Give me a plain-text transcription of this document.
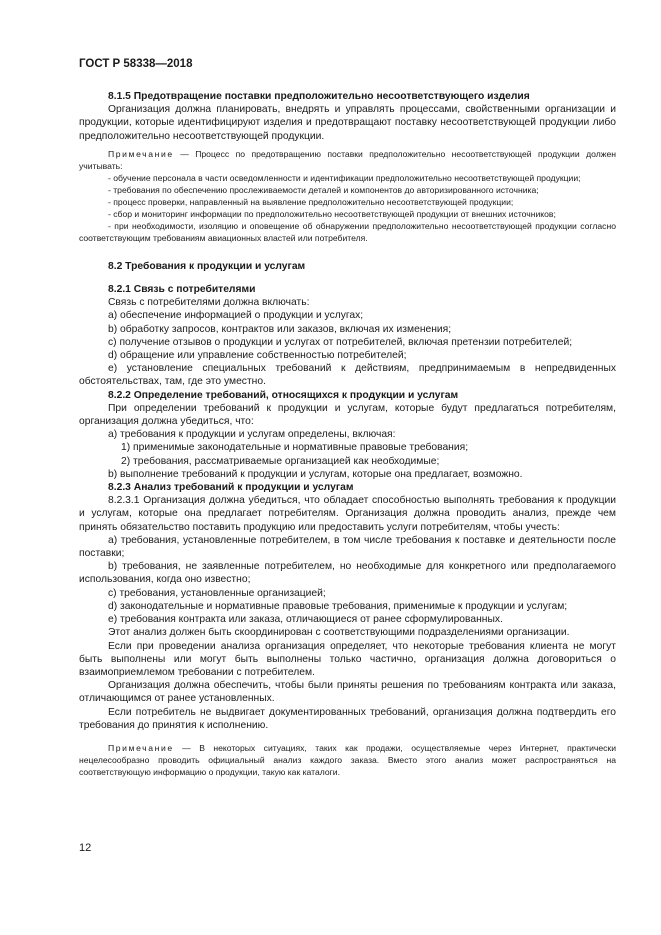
ГОСТ Р 58338—2018

8.1.5 Предотвращение поставки предположительно несоответствующего изделия

Организация должна планировать, внедрять и управлять процессами, свойственными организации и продукции, которые идентифицируют изделия и предотвращают поставку несоответствующей продукции либо предположительно несоответствующей продукции.

Примечание — Процесс по предотвращению поставки предположительно несоответствующей продукции должен учитывать:

- обучение персонала в части осведомленности и идентификации предположительно несоответствующей продукции;

- требования по обеспечению прослеживаемости деталей и компонентов до авторизированного источника;

- процесс проверки, направленный на выявление предположительно несоответствующей продукции;

- сбор и мониторинг информации по предположительно несоответствующей продукции от внешних источников;

- при необходимости, изоляцию и оповещение об обнаружении предположительно несоответствующей продукции согласно соответствующим требованиям авиационных властей или потребителя.

8.2 Требования к продукции и услугам

8.2.1 Связь с потребителями

Связь с потребителями должна включать:

a) обеспечение информацией о продукции и услугах;

b) обработку запросов, контрактов или заказов, включая их изменения;

c) получение отзывов о продукции и услугах от потребителей, включая претензии потребителей;

d) обращение или управление собственностью потребителей;

e) установление специальных требований к действиям, предпринимаемым в непредвиденных обстоятельствах, там, где это уместно.

8.2.2 Определение требований, относящихся к продукции и услугам

При определении требований к продукции и услугам, которые будут предлагаться потребителям, организация должна убедиться, что:

a) требования к продукции и услугам определены, включая:

1) применимые законодательные и нормативные правовые требования;

2) требования, рассматриваемые организацией как необходимые;

b) выполнение требований к продукции и услугам, которые она предлагает, возможно.

8.2.3 Анализ требований к продукции и услугам

8.2.3.1 Организация должна убедиться, что обладает способностью выполнять требования к продукции и услугам, которые она предлагает потребителям. Организация должна проводить анализ, прежде чем принять обязательство поставить продукцию или предоставить услуги потребителям, чтобы учесть:

a) требования, установленные потребителем, в том числе требования к поставке и деятельности после поставки;

b) требования, не заявленные потребителем, но необходимые для конкретного или предполагаемого использования, когда оно известно;

c) требования, установленные организацией;

d) законодательные и нормативные правовые требования, применимые к продукции и услугам;

e) требования контракта или заказа, отличающиеся от ранее сформулированных.

Этот анализ должен быть скоординирован с соответствующими подразделениями организации.

Если при проведении анализа организация определяет, что некоторые требования клиента не могут быть выполнены или могут быть выполнены только частично, организация должна договориться о взаимоприемлемом требовании с потребителем.

Организация должна обеспечить, чтобы были приняты решения по требованиям контракта или заказа, отличающимся от ранее установленных.

Если потребитель не выдвигает документированных требований, организация должна подтвердить его требования до принятия к исполнению.

Примечание — В некоторых ситуациях, таких как продажи, осуществляемые через Интернет, практически нецелесообразно проводить официальный анализ каждого заказа. Вместо этого анализ может распространяться на соответствующую информацию о продукции, такую как каталоги.

12
